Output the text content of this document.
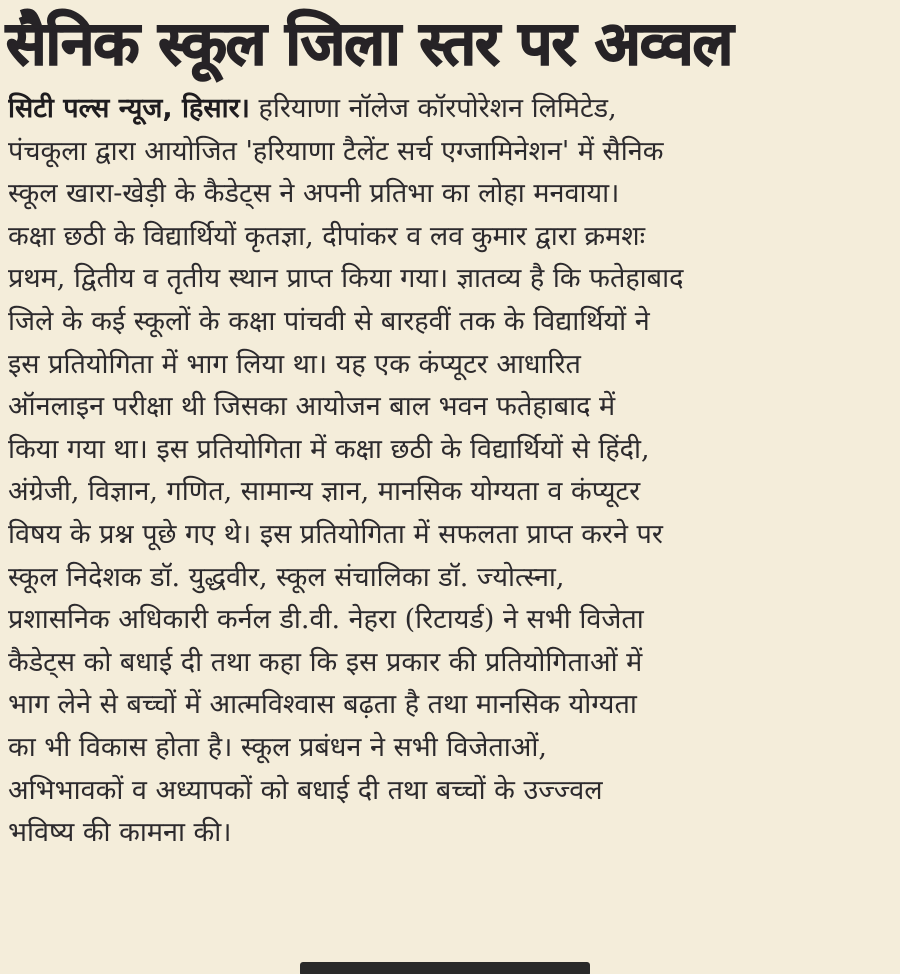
सैनिक स्कूल जिला स्तर पर अव्वल
सिटी पल्स न्यूज, हिसार। हरियाणा नॉलेज कॉरपोरेशन लिमिटेड,
पंचकूला द्वारा आयोजित 'हरियाणा टैलेंट सर्च एग्जामिनेशन' में सैनिक
स्कूल खारा-खेड़ी के कैडेट्स ने अपनी प्रतिभा का लोहा मनवाया।
कक्षा छठी के विद्यार्थियों कृतज्ञा, दीपांकर व लव कुमार द्वारा क्रमशः
प्रथम, द्वितीय व तृतीय स्थान प्राप्त किया गया। ज्ञातव्य है कि फतेहाबाद
जिले के कई स्कूलों के कक्षा पांचवी से बारहवीं तक के विद्यार्थियों ने
इस प्रतियोगिता में भाग लिया था। यह एक कंप्यूटर आधारित
ऑनलाइन परीक्षा थी जिसका आयोजन बाल भवन फतेहाबाद में
किया गया था। इस प्रतियोगिता में कक्षा छठी के विद्यार्थियों से हिंदी,
अंग्रेजी, विज्ञान, गणित, सामान्य ज्ञान, मानसिक योग्यता व कंप्यूटर
विषय के प्रश्न पूछे गए थे। इस प्रतियोगिता में सफलता प्राप्त करने पर
स्कूल निदेशक डॉ. युद्धवीर, स्कूल संचालिका डॉ. ज्योत्स्ना,
प्रशासनिक अधिकारी कर्नल डी.वी. नेहरा (रिटायर्ड) ने सभी विजेता
कैडेट्स को बधाई दी तथा कहा कि इस प्रकार की प्रतियोगिताओं में
भाग लेने से बच्चों में आत्मविश्वास बढ़ता है तथा मानसिक योग्यता
का भी विकास होता है। स्कूल प्रबंधन ने सभी विजेताओं,
अभिभावकों व अध्यापकों को बधाई दी तथा बच्चों के उज्ज्वल
भविष्य की कामना की।
